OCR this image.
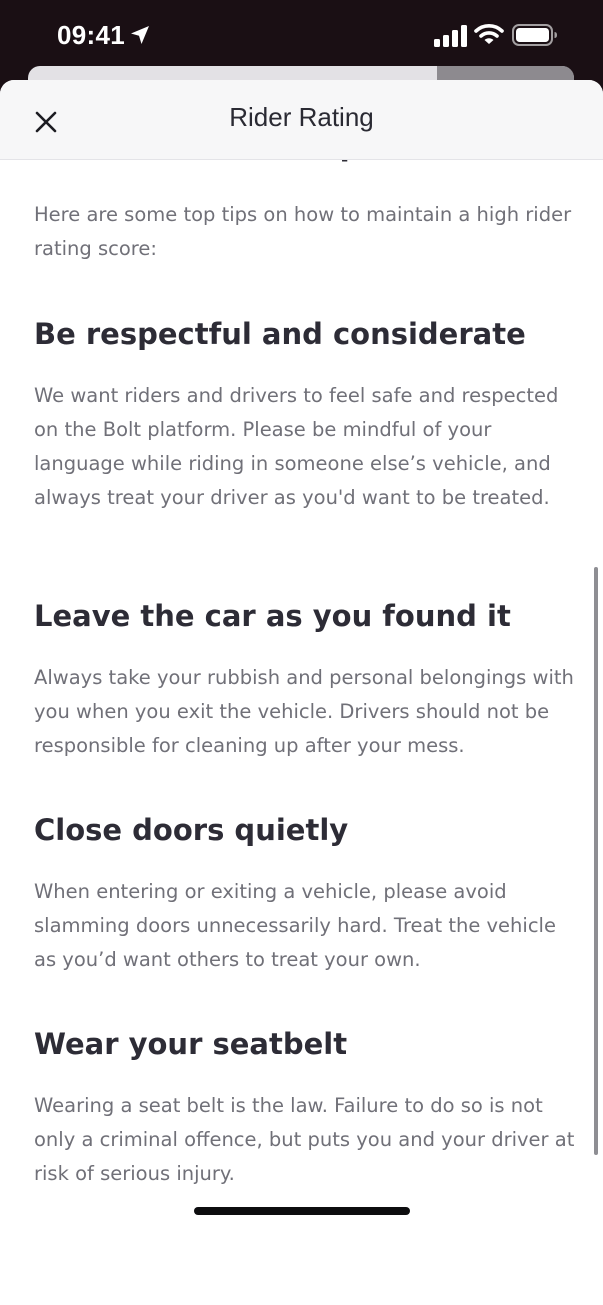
09:41

Here are some top tips on how to maintain a high rider rating score:

Be respectful and considerate

We want riders and drivers to feel safe and respected on the Bolt platform. Please be mindful of your language while riding in someone else’s vehicle, and always treat your driver as you'd want to be treated.

Leave the car as you found it

Always take your rubbish and personal belongings with you when you exit the vehicle. Drivers should not be responsible for cleaning up after your mess.

Close doors quietly

When entering or exiting a vehicle, please avoid slamming doors unnecessarily hard. Treat the vehicle as you’d want others to treat your own.

Wear your seatbelt

Wearing a seat belt is the law. Failure to do so is not only a criminal offence, but puts you and your driver at risk of serious injury.

Rider Rating
